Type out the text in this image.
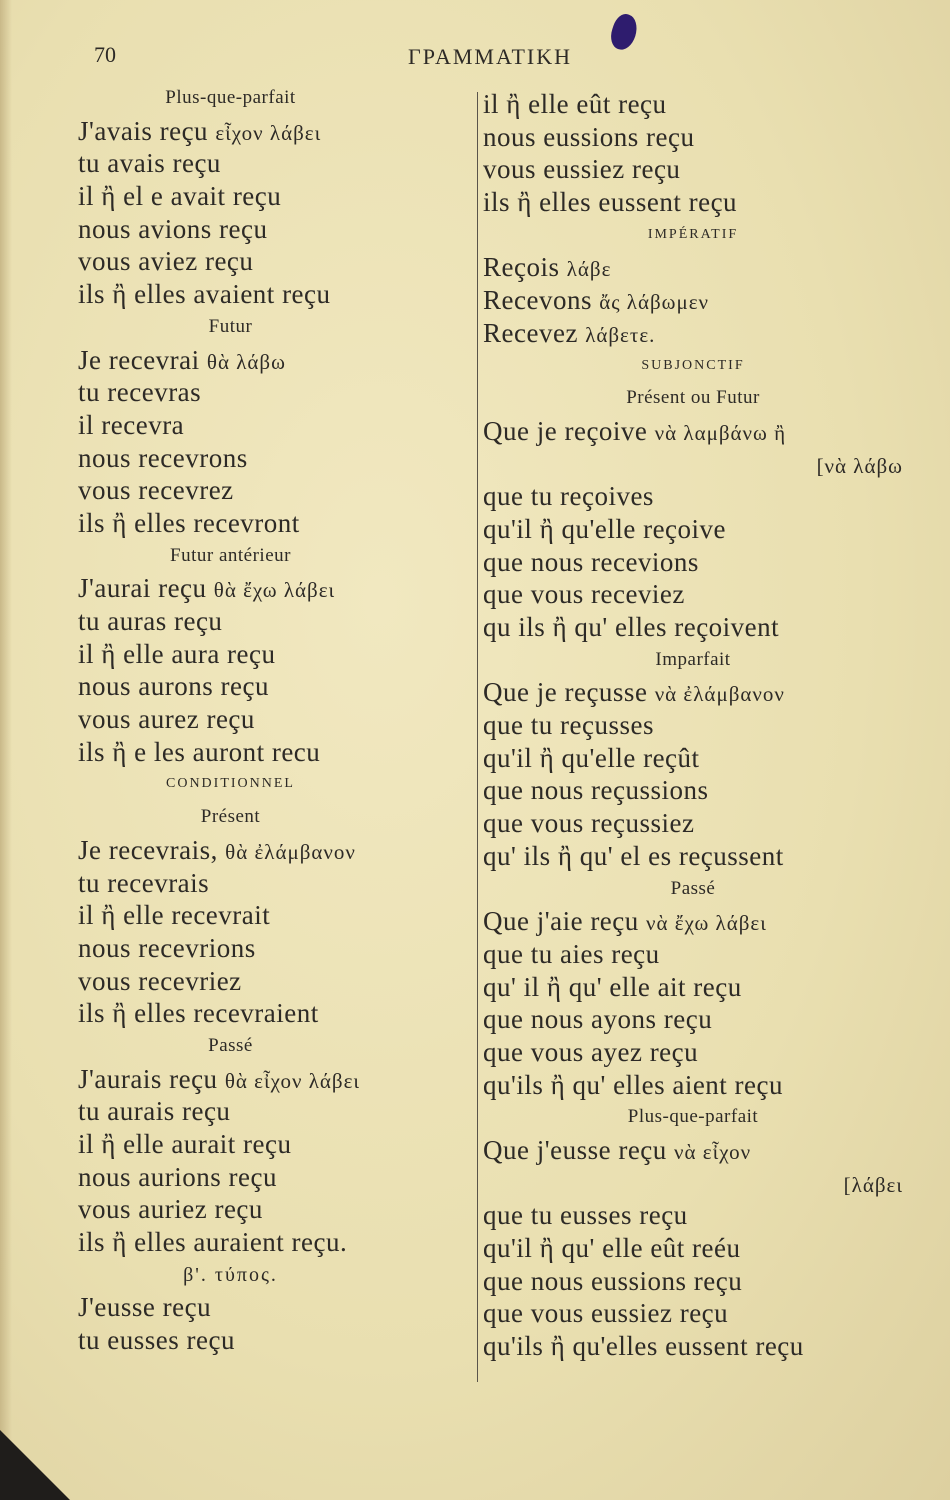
70	ΓΡΑΜΜΑΤΙΚΗ
Plus-que-parfait
J'avais reçu εἶχον λάβει
tu avais reçu
il ἢ el e avait reçu
nous avions reçu
vous aviez reçu
ils ἢ elles avaient reçu
Futur
Je recevrai θὰ λάβω
tu recevras
il recevra
nous recevrons
vous recevrez
ils ἢ elles recevront
Futur antérieur
J'aurai reçu θὰ ἔχω λάβει
tu auras reçu
il ἢ elle aura reçu
nous aurons reçu
vous aurez reçu
ils ἢ e les auront recu
CONDITIONNEL
Présent
Je recevrais, θὰ ἐλάμβανον
tu recevrais
il ἢ elle recevrait
nous recevrions
vous recevriez
ils ἢ elles recevraient
Passé
J'aurais reçu θὰ εἶχον λάβει
tu aurais reçu
il ἢ elle aurait reçu
nous aurions reçu
vous auriez reçu
ils ἢ elles auraient reçu.
β'. τύπος.
J'eusse reçu
tu eusses reçu
il ἢ elle eût reçu
nous eussions reçu
vous eussiez reçu
ils ἢ elles eussent reçu
IMPÉRATIF
Reçois λάβε
Recevons ἄς λάβωμεν
Recevez λάβετε.
SUBJONCTIF
Présent ou Futur
Que je reçoive νὰ λαμβάνω ἢ
[νὰ λάβω
que tu reçoives
qu'il ἢ qu'elle reçoive
que nous recevions
que vous receviez
qu ils ἢ qu' elles reçoivent
Imparfait
Que je reçusse νὰ ἐλάμβανον
que tu reçusses
qu'il ἢ qu'elle reçût
que nous reçussions
que vous reçussiez
qu' ils ἢ qu' el es reçussent
Passé
Que j'aie reçu νὰ ἔχω λάβει
que tu aies reçu
qu' il ἢ qu' elle ait reçu
que nous ayons reçu
que vous ayez reçu
qu'ils ἢ qu' elles aient reçu
Plus-que-parfait
Que j'eusse reçu νὰ εἶχον
[λάβει
que tu eusses reçu
qu'il ἢ qu' elle eût reéu
que nous eussions reçu
que vous eussiez reçu
qu'ils ἢ qu'elles eussent reçu
